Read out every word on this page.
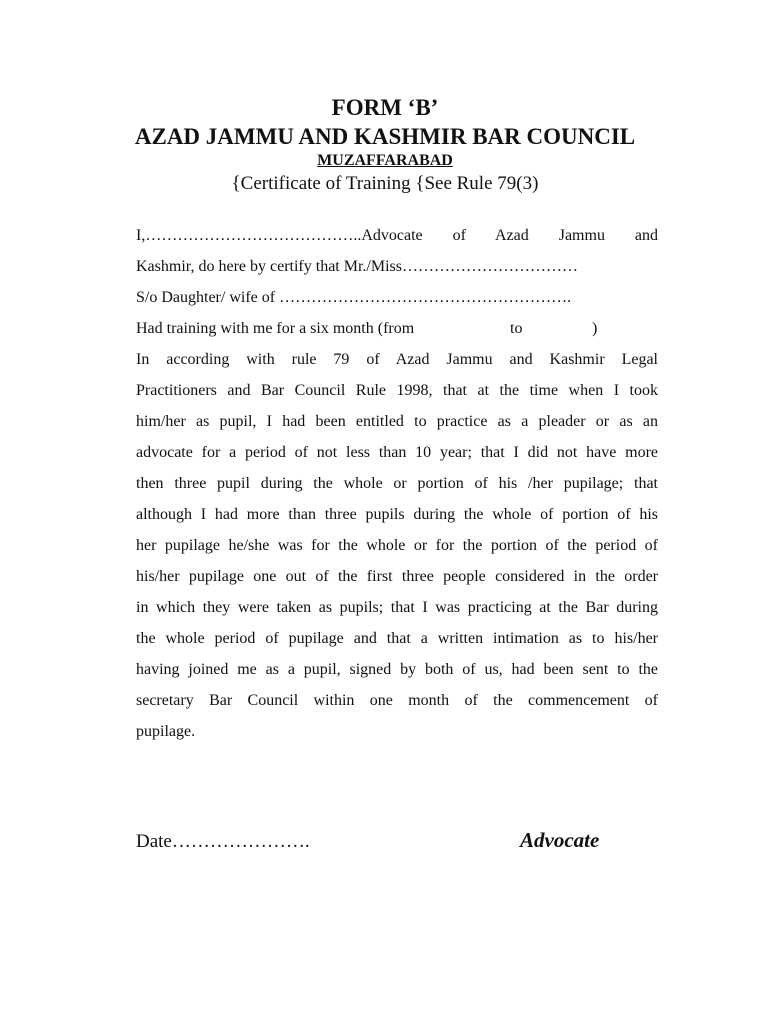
FORM ‘B’
AZAD JAMMU AND KASHMIR BAR COUNCIL
MUZAFFARABAD
{Certificate of Training {See Rule 79(3)
I,…………………………………..Advocate of Azad Jammu and
Kashmir, do here by certify that Mr./Miss……………………………
S/o Daughter/ wife of ……………………………………………….
Had training with me for a six month (from	to	)
In according with rule 79 of Azad Jammu and Kashmir Legal
Practitioners and Bar Council Rule 1998, that at the time when I took
him/her as pupil, I had been entitled to practice as a pleader or as an
advocate for a period of not less than 10 year; that I did not have more
then three pupil during the whole or portion of his /her pupilage; that
although I had more than three pupils during the whole of portion of his
her pupilage he/she was for the whole or for the portion of the period of
his/her pupilage one out of the first three people considered in the order
in which they were taken as pupils; that I was practicing at the Bar during
the whole period of pupilage and that a written intimation as to his/her
having joined me as a pupil, signed by both of us, had been sent to the
secretary Bar Council within one month of the commencement of
pupilage.
Date………………….	Advocate
